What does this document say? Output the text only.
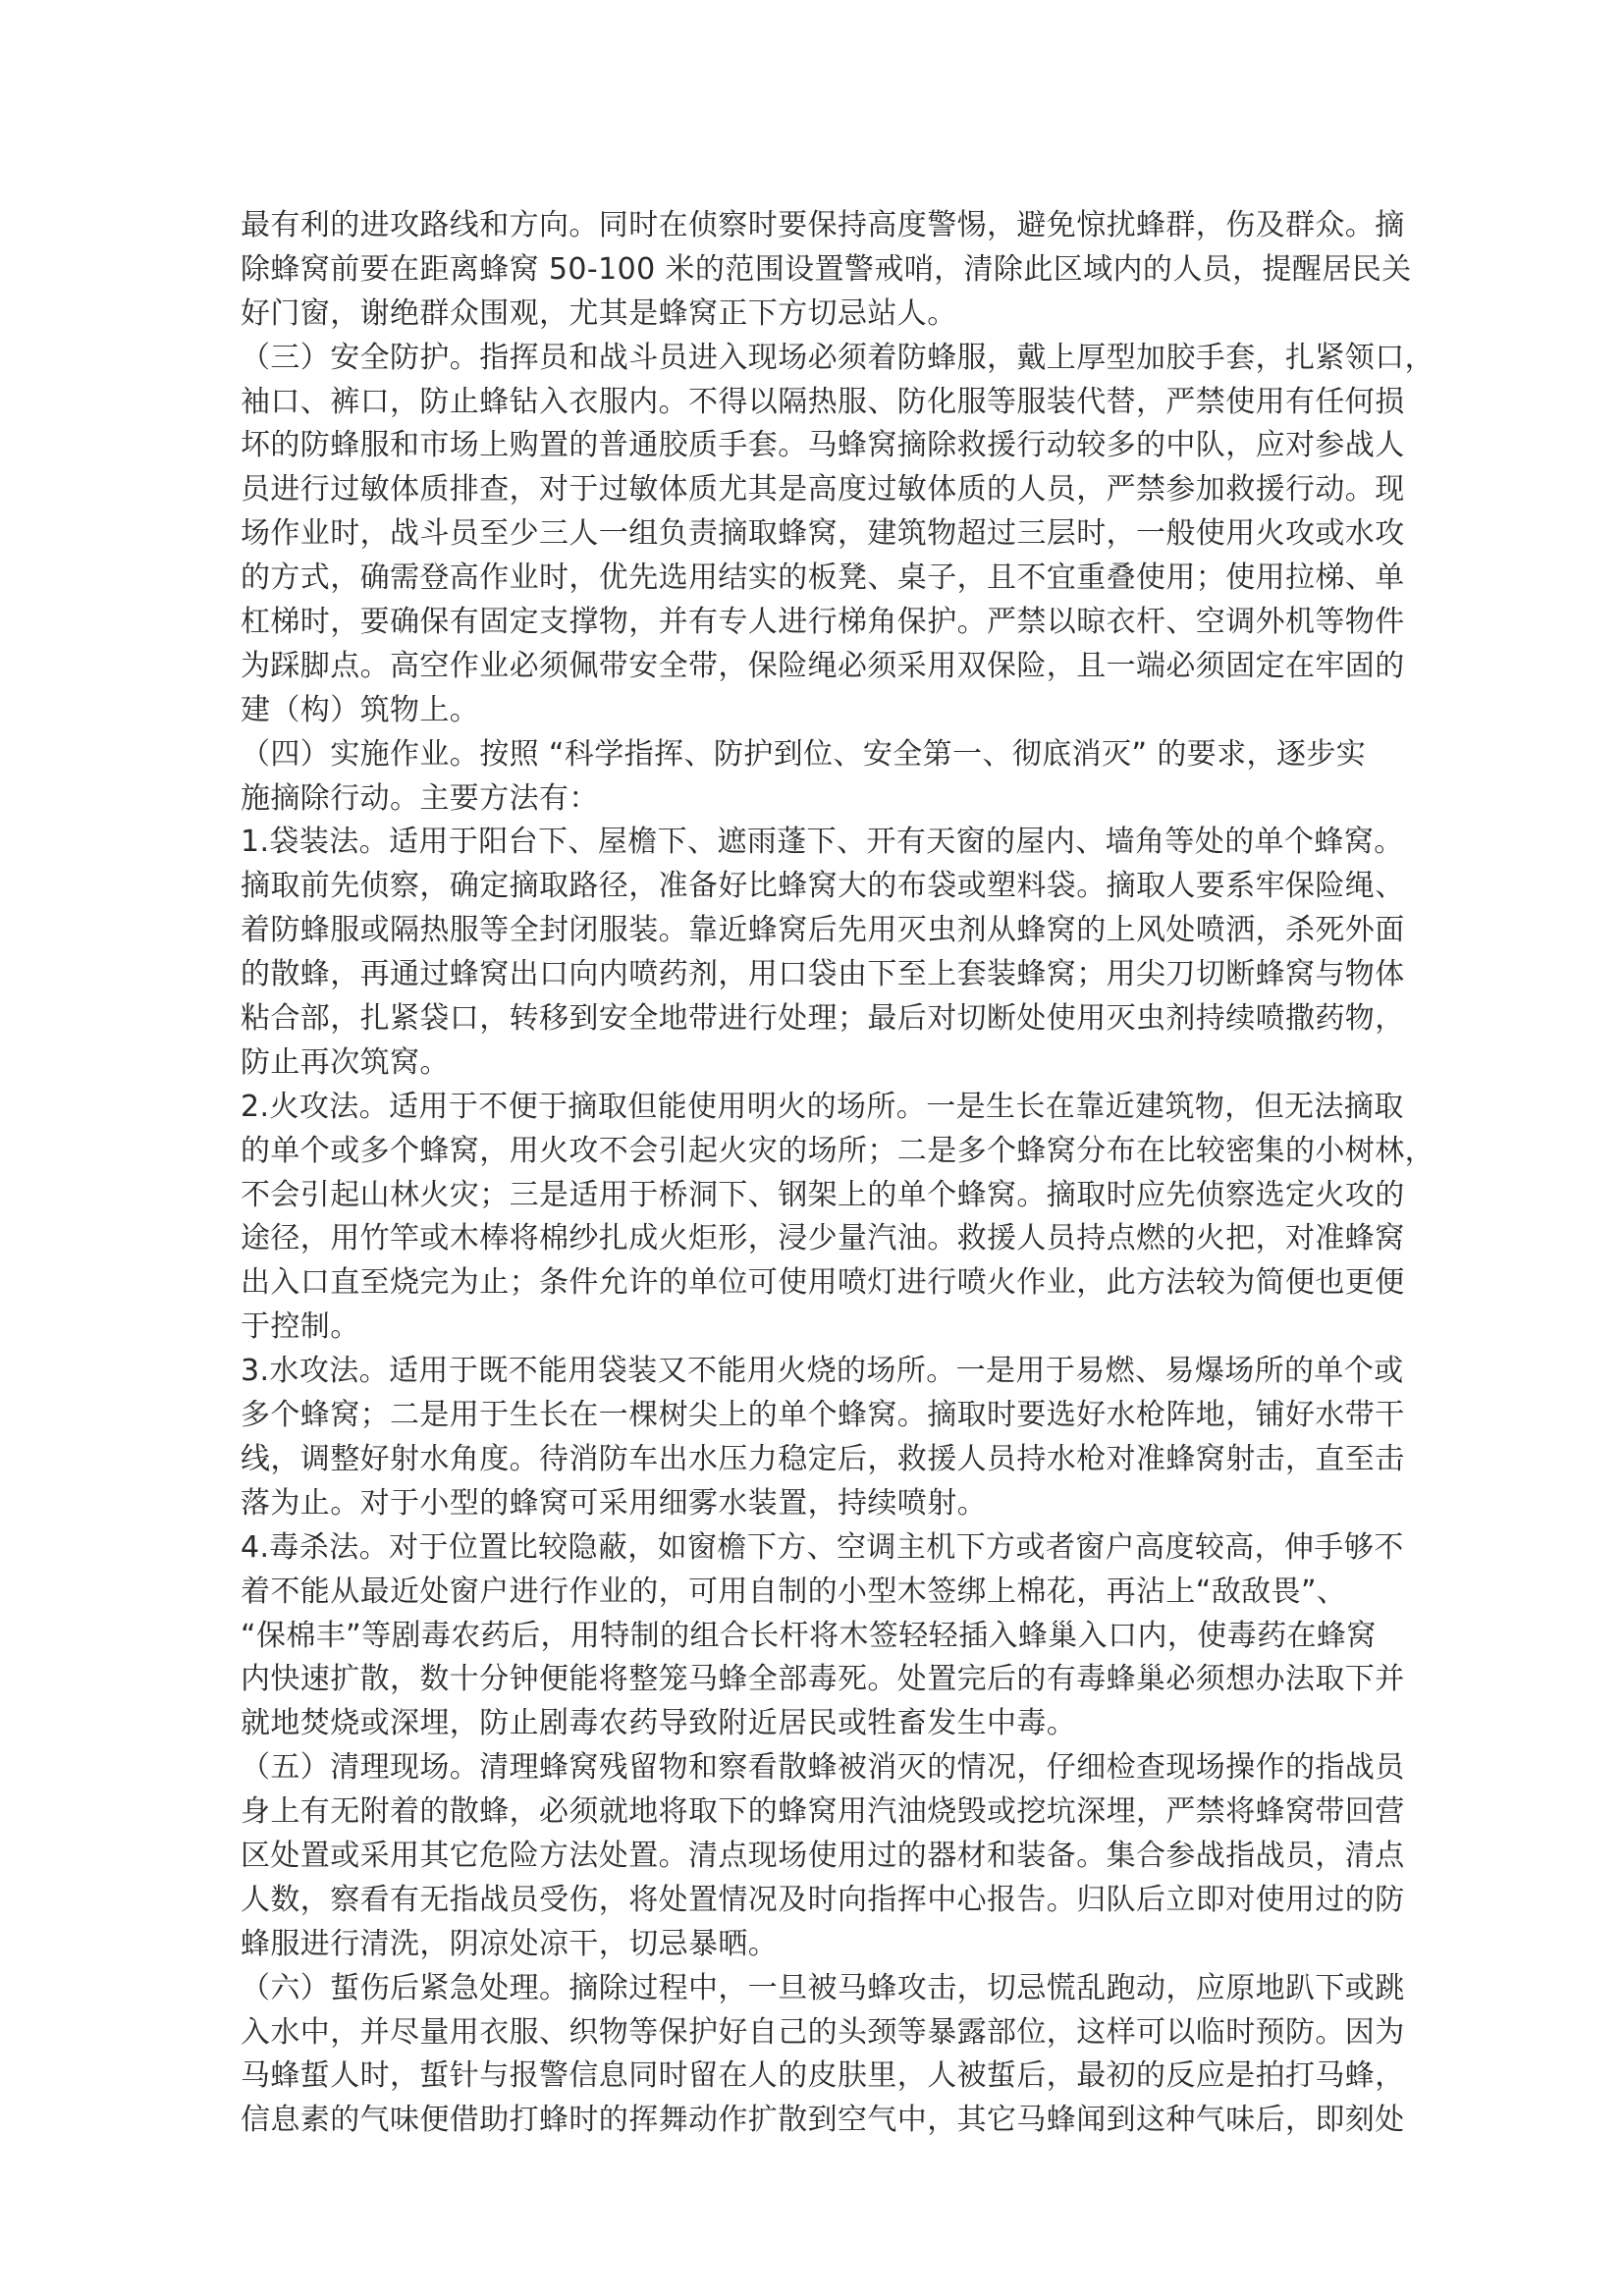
最有利的进攻路线和方向。同时在侦察时要保持高度警惕，避免惊扰蜂群，伤及群众。摘
除蜂窝前要在距离蜂窝 50-100 米的范围设置警戒哨，清除此区域内的人员，提醒居民关
好门窗，谢绝群众围观，尤其是蜂窝正下方切忌站人。
（三）安全防护。指挥员和战斗员进入现场必须着防蜂服，戴上厚型加胶手套，扎紧领口，
袖口、裤口，防止蜂钻入衣服内。不得以隔热服、防化服等服装代替，严禁使用有任何损
坏的防蜂服和市场上购置的普通胶质手套。马蜂窝摘除救援行动较多的中队，应对参战人
员进行过敏体质排查，对于过敏体质尤其是高度过敏体质的人员，严禁参加救援行动。现
场作业时，战斗员至少三人一组负责摘取蜂窝，建筑物超过三层时，一般使用火攻或水攻
的方式，确需登高作业时，优先选用结实的板凳、桌子，且不宜重叠使用；使用拉梯、单
杠梯时，要确保有固定支撑物，并有专人进行梯角保护。严禁以晾衣杆、空调外机等物件
为踩脚点。高空作业必须佩带安全带，保险绳必须采用双保险，且一端必须固定在牢固的
建（构）筑物上。
（四）实施作业。按照 “科学指挥、防护到位、安全第一、彻底消灭” 的要求，逐步实
施摘除行动。主要方法有：
1.袋装法。适用于阳台下、屋檐下、遮雨蓬下、开有天窗的屋内、墙角等处的单个蜂窝。
摘取前先侦察，确定摘取路径，准备好比蜂窝大的布袋或塑料袋。摘取人要系牢保险绳、
着防蜂服或隔热服等全封闭服装。靠近蜂窝后先用灭虫剂从蜂窝的上风处喷洒，杀死外面
的散蜂，再通过蜂窝出口向内喷药剂，用口袋由下至上套装蜂窝；用尖刀切断蜂窝与物体
粘合部，扎紧袋口，转移到安全地带进行处理；最后对切断处使用灭虫剂持续喷撒药物，
防止再次筑窝。
2.火攻法。适用于不便于摘取但能使用明火的场所。一是生长在靠近建筑物，但无法摘取
的单个或多个蜂窝，用火攻不会引起火灾的场所；二是多个蜂窝分布在比较密集的小树林，
不会引起山林火灾；三是适用于桥洞下、钢架上的单个蜂窝。摘取时应先侦察选定火攻的
途径，用竹竿或木棒将棉纱扎成火炬形，浸少量汽油。救援人员持点燃的火把，对准蜂窝
出入口直至烧完为止；条件允许的单位可使用喷灯进行喷火作业，此方法较为简便也更便
于控制。
3.水攻法。适用于既不能用袋装又不能用火烧的场所。一是用于易燃、易爆场所的单个或
多个蜂窝；二是用于生长在一棵树尖上的单个蜂窝。摘取时要选好水枪阵地，铺好水带干
线，调整好射水角度。待消防车出水压力稳定后，救援人员持水枪对准蜂窝射击，直至击
落为止。对于小型的蜂窝可采用细雾水装置，持续喷射。
4.毒杀法。对于位置比较隐蔽，如窗檐下方、空调主机下方或者窗户高度较高，伸手够不
着不能从最近处窗户进行作业的，可用自制的小型木签绑上棉花，再沾上“敌敌畏”、
“保棉丰”等剧毒农药后，用特制的组合长杆将木签轻轻插入蜂巢入口内，使毒药在蜂窝
内快速扩散，数十分钟便能将整笼马蜂全部毒死。处置完后的有毒蜂巢必须想办法取下并
就地焚烧或深埋，防止剧毒农药导致附近居民或牲畜发生中毒。
（五）清理现场。清理蜂窝残留物和察看散蜂被消灭的情况，仔细检查现场操作的指战员
身上有无附着的散蜂，必须就地将取下的蜂窝用汽油烧毁或挖坑深埋，严禁将蜂窝带回营
区处置或采用其它危险方法处置。清点现场使用过的器材和装备。集合参战指战员，清点
人数，察看有无指战员受伤，将处置情况及时向指挥中心报告。归队后立即对使用过的防
蜂服进行清洗，阴凉处凉干，切忌暴晒。
（六）蜇伤后紧急处理。摘除过程中，一旦被马蜂攻击，切忌慌乱跑动，应原地趴下或跳
入水中，并尽量用衣服、织物等保护好自己的头颈等暴露部位，这样可以临时预防。因为
马蜂蜇人时，蜇针与报警信息同时留在人的皮肤里，人被蜇后，最初的反应是拍打马蜂，
信息素的气味便借助打蜂时的挥舞动作扩散到空气中，其它马蜂闻到这种气味后，即刻处
